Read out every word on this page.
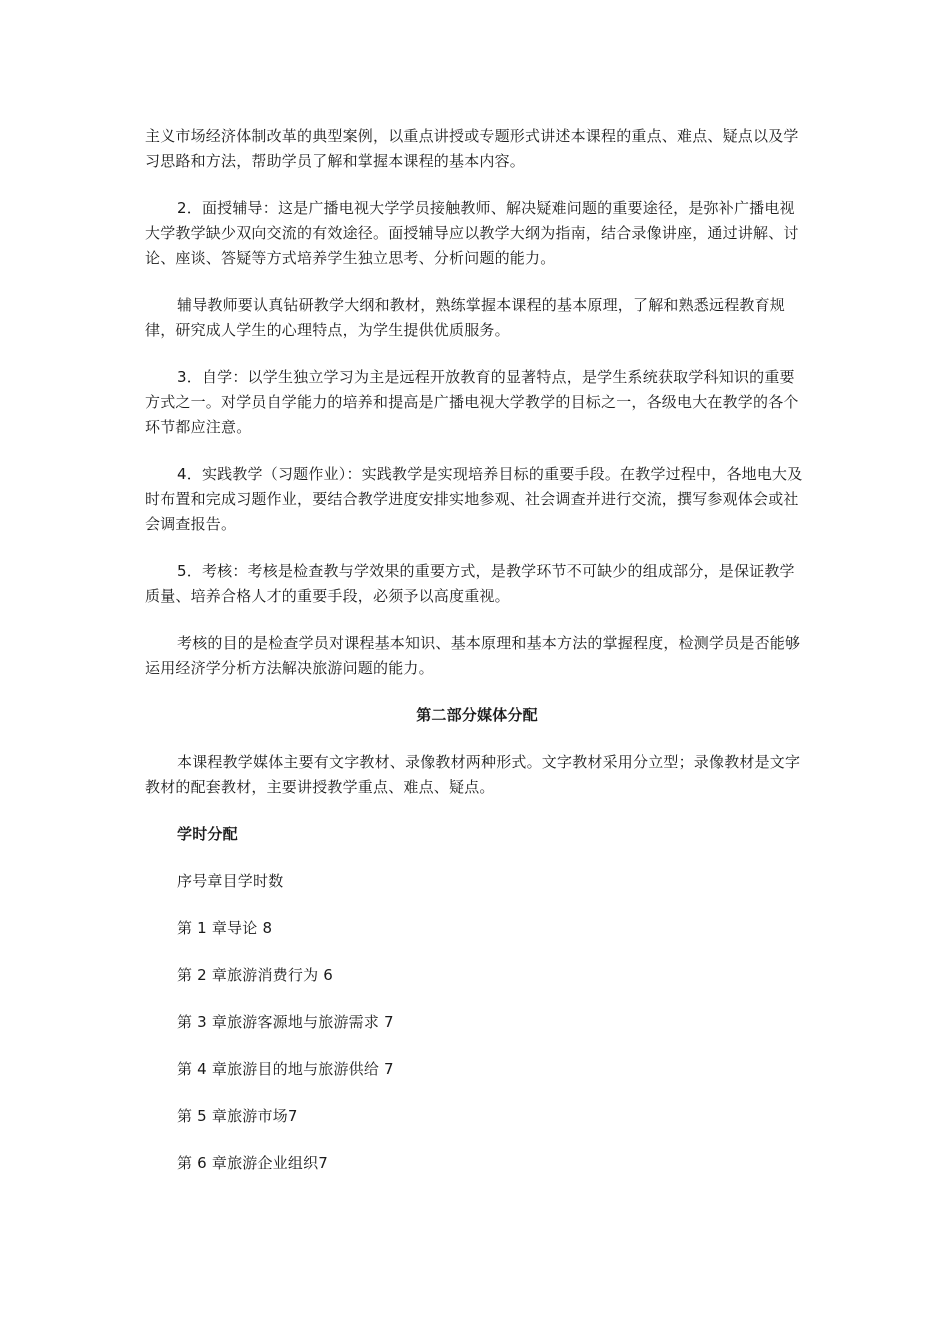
主义市场经济体制改革的典型案例，以重点讲授或专题形式讲述本课程的重点、难点、疑点以及学习思路和方法，帮助学员了解和掌握本课程的基本内容。

2．面授辅导：这是广播电视大学学员接触教师、解决疑难问题的重要途径，是弥补广播电视大学教学缺少双向交流的有效途径。面授辅导应以教学大纲为指南，结合录像讲座，通过讲解、讨论、座谈、答疑等方式培养学生独立思考、分析问题的能力。

辅导教师要认真钻研教学大纲和教材，熟练掌握本课程的基本原理，了解和熟悉远程教育规律，研究成人学生的心理特点，为学生提供优质服务。

3．自学：以学生独立学习为主是远程开放教育的显著特点，是学生系统获取学科知识的重要方式之一。对学员自学能力的培养和提高是广播电视大学教学的目标之一，各级电大在教学的各个环节都应注意。

4．实践教学（习题作业）：实践教学是实现培养目标的重要手段。在教学过程中，各地电大及时布置和完成习题作业，要结合教学进度安排实地参观、社会调查并进行交流，撰写参观体会或社会调查报告。

5．考核：考核是检查教与学效果的重要方式，是教学环节不可缺少的组成部分，是保证教学质量、培养合格人才的重要手段，必须予以高度重视。

考核的目的是检查学员对课程基本知识、基本原理和基本方法的掌握程度，检测学员是否能够运用经济学分析方法解决旅游问题的能力。

第二部分媒体分配

本课程教学媒体主要有文字教材、录像教材两种形式。文字教材采用分立型；录像教材是文字教材的配套教材，主要讲授教学重点、难点、疑点。

学时分配

序号章目学时数

第 1 章导论 8

第 2 章旅游消费行为 6

第 3 章旅游客源地与旅游需求 7

第 4 章旅游目的地与旅游供给 7

第 5 章旅游市场7

第 6 章旅游企业组织7
